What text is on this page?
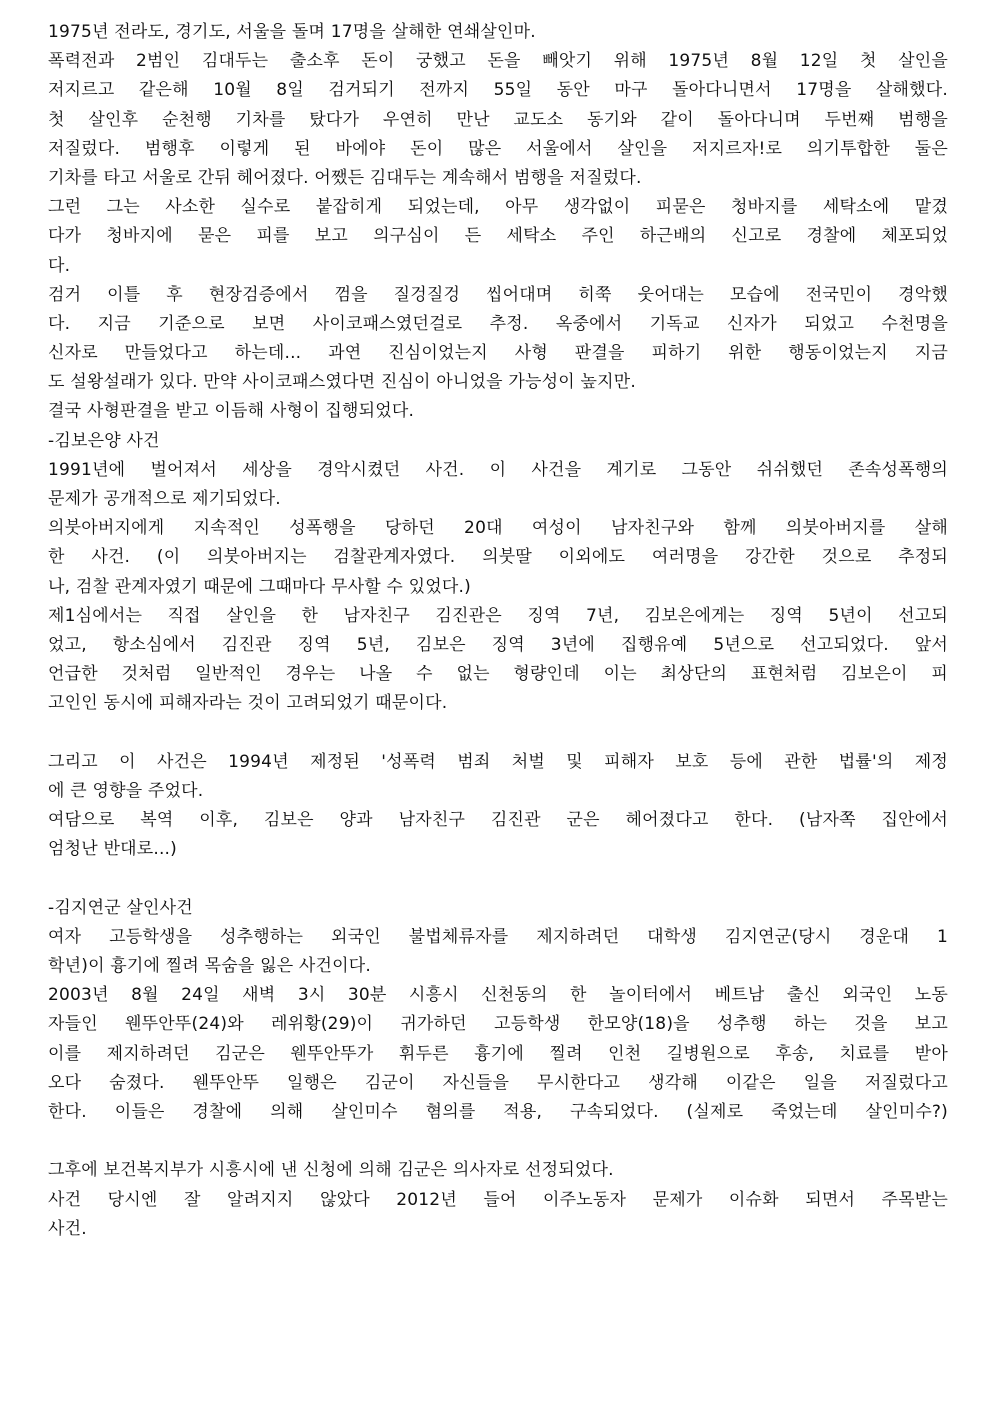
1975년 전라도, 경기도, 서울을 돌며 17명을 살해한 연쇄살인마.
폭력전과 2범인 김대두는 출소후 돈이 궁했고 돈을 빼앗기 위해 1975년 8월 12일 첫 살인을
저지르고 같은해 10월 8일 검거되기 전까지 55일 동안 마구 돌아다니면서 17명을 살해했다.
첫 살인후 순천행 기차를 탔다가 우연히 만난 교도소 동기와 같이 돌아다니며 두번째 범행을
저질렀다. 범행후 이렇게 된 바에야 돈이 많은 서울에서 살인을 저지르자!로 의기투합한 둘은
기차를 타고 서울로 간뒤 헤어졌다. 어쨌든 김대두는 계속해서 범행을 저질렀다.
그런 그는 사소한 실수로 붙잡히게 되었는데, 아무 생각없이 피묻은 청바지를 세탁소에 맡겼
다가 청바지에 묻은 피를 보고 의구심이 든 세탁소 주인 하근배의 신고로 경찰에 체포되었
다.
검거 이틀 후 현장검증에서 껌을 질겅질겅 씹어대며 히쭉 웃어대는 모습에 전국민이 경악했
다. 지금 기준으로 보면 사이코패스였던걸로 추정. 옥중에서 기독교 신자가 되었고 수천명을
신자로 만들었다고 하는데... 과연 진심이었는지 사형 판결을 피하기 위한 행동이었는지 지금
도 설왕설래가 있다. 만약 사이코패스였다면 진심이 아니었을 가능성이 높지만.
결국 사형판결을 받고 이듬해 사형이 집행되었다.
-김보은양 사건
1991년에 벌어져서 세상을 경악시켰던 사건. 이 사건을 계기로 그동안 쉬쉬했던 존속성폭행의
문제가 공개적으로 제기되었다.
의붓아버지에게 지속적인 성폭행을 당하던 20대 여성이 남자친구와 함께 의붓아버지를 살해
한 사건. (이 의붓아버지는 검찰관계자였다. 의붓딸 이외에도 여러명을 강간한 것으로 추정되
나, 검찰 관계자였기 때문에 그때마다 무사할 수 있었다.)
제1심에서는 직접 살인을 한 남자친구 김진관은 징역 7년, 김보은에게는 징역 5년이 선고되
었고, 항소심에서 김진관 징역 5년, 김보은 징역 3년에 집행유예 5년으로 선고되었다. 앞서
언급한 것처럼 일반적인 경우는 나올 수 없는 형량인데 이는 최상단의 표현처럼 김보은이 피
고인인 동시에 피해자라는 것이 고려되었기 때문이다.
그리고 이 사건은 1994년 제정된 '성폭력 범죄 처벌 및 피해자 보호 등에 관한 법률'의 제정
에 큰 영향을 주었다.
여담으로 복역 이후, 김보은 양과 남자친구 김진관 군은 헤어졌다고 한다. (남자쪽 집안에서
엄청난 반대로...)
-김지연군 살인사건
여자 고등학생을 성추행하는 외국인 불법체류자를 제지하려던 대학생 김지연군(당시 경운대 1
학년)이 흉기에 찔려 목숨을 잃은 사건이다.
2003년 8월 24일 새벽 3시 30분 시흥시 신천동의 한 놀이터에서 베트남 출신 외국인 노동
자들인 웬뚜안뚜(24)와 레위황(29)이 귀가하던 고등학생 한모양(18)을 성추행 하는 것을 보고
이를 제지하려던 김군은 웬뚜안뚜가 휘두른 흉기에 찔려 인천 길병원으로 후송, 치료를 받아
오다 숨졌다. 웬뚜안뚜 일행은 김군이 자신들을 무시한다고 생각해 이같은 일을 저질렀다고
한다. 이들은 경찰에 의해 살인미수 혐의를 적용, 구속되었다. (실제로 죽었는데 살인미수?)
그후에 보건복지부가 시흥시에 낸 신청에 의해 김군은 의사자로 선정되었다.
사건 당시엔 잘 알려지지 않았다 2012년 들어 이주노동자 문제가 이슈화 되면서 주목받는
사건.
